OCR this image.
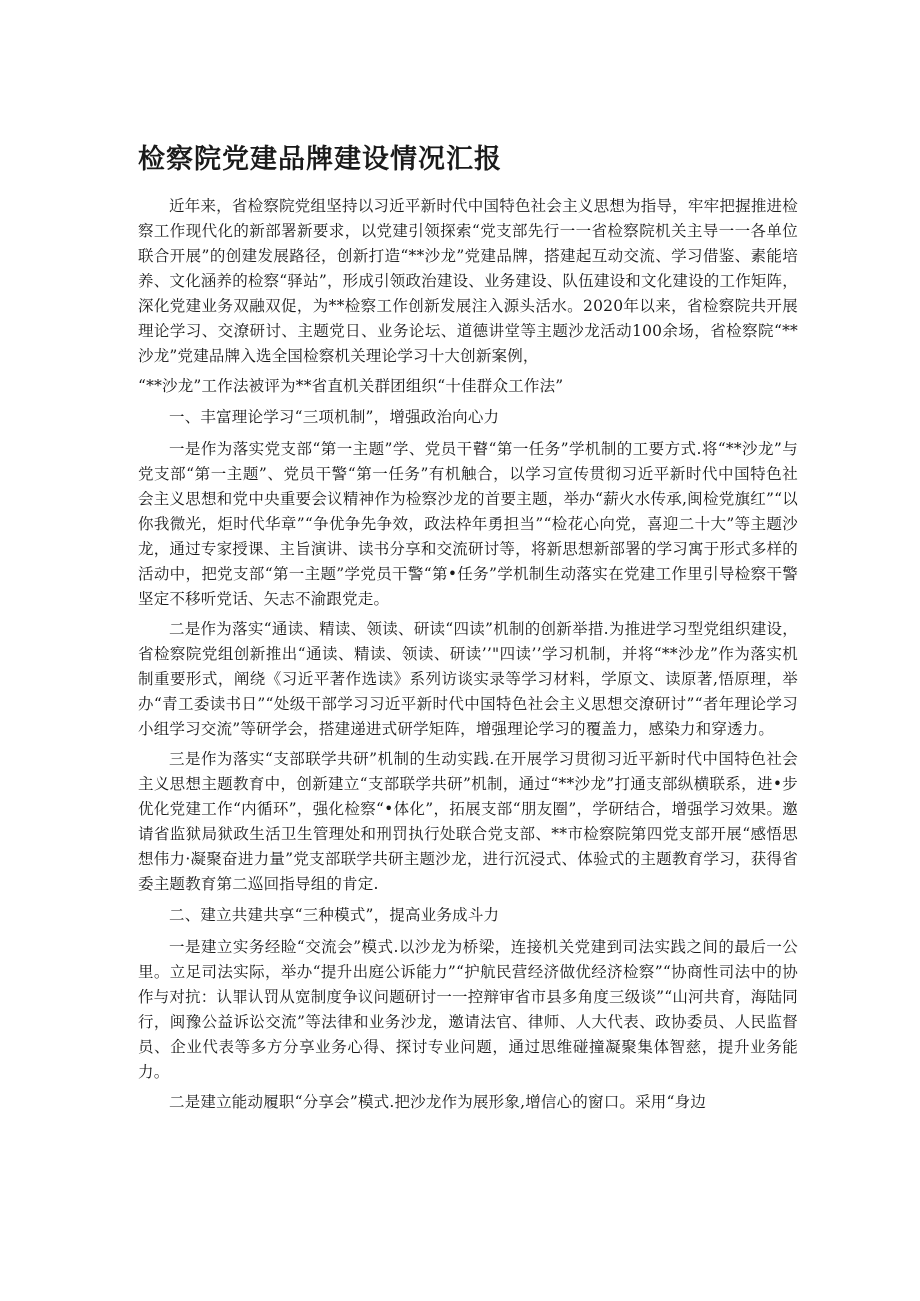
检察院党建品牌建设情况汇报

近年来，省检察院党组坚持以习近平新时代中国特色社会主义思想为指导，牢牢把握推进检察工作现代化的新部署新要求，以党建引领探索“党支部先行一一省检察院机关主导一一各单位联合开展”的创建发展路径，创新打造“**沙龙”党建品牌，搭建起互动交流、学习借鉴、素能培养、文化涵养的检察“驿站”，形成引领政治建设、业务建设、队伍建设和文化建设的工作矩阵，深化党建业务双融双促，为**检察工作创新发展注入源头活水。2020年以来，省检察院共开展理论学习、交潦研讨、主题党日、业务论坛、道德讲堂等主题沙龙活动100余场，省检察院“**沙龙”党建品牌入选全国检察机关理论学习十大创新案例，

“**沙龙”工作法被评为**省直机关群团组织“十佳群众工作法”

一、丰富理论学习“三项机制”，增强政治向心力

一是作为落实党支部“第一主题”学、党员干瞽“第一任务”学机制的工要方式.将“**沙龙”与党支部“第一主题”、党员干警“第一任务”有机触合，以学习宣传贯彻习近平新时代中国特色社会主义思想和党中央重要会议精神作为检察沙龙的首要主题，举办“薪火水传承,闽检党旗红”“以你我微光，炬时代华章”“争优争先争效，政法枠年勇担当”“检花心向党，喜迎二十大”等主题沙龙，通过专家授课、主旨演讲、读书分享和交流研讨等，将新思想新部署的学习寓于形式多样的活动中，把党支部“第一主题”学党员干警“第•任务”学机制生动落实在党建工作里引导检察干警坚定不移听党话、矢志不渝跟党走。

二是作为落实“通读、精读、领读、研读“四读”机制的创新举措.为推进学习型党组织建设，省检察院党组创新推出“通读、精读、领读、研读’’"四读’’学习机制，并将“**沙龙”作为落实机制重要形式，阐绕《习近平著作选读》系列访谈实录等学习材料，学原文、读原著,悟原理，举办“青工委读书日”“处级干部学习习近平新时代中国特色社会主义思想交潦研讨”“者年理论学习小组学习交流”等研学会，搭建递进式研学矩阵，增强理论学习的覆盖力，感染力和穿透力。

三是作为落实“支部联学共研”机制的生动实践.在开展学习贯彻习近平新时代中国特色社会主义思想主题教育中，创新建立“支部联学共研”机制，通过“**沙龙”打通支部纵横联系，进•步优化党建工作“内循环”，强化检察“•体化”，拓展支部“朋友圈”，学研结合，增强学习效果。邀请省监狱局狱政生活卫生管理处和刑罚执行处联合党支部、**市检察院第四党支部开展“感悟思想伟力·凝聚奋进力量”党支部联学共研主题沙龙，进行沉浸式、体验式的主题教育学习，获得省委主题教育第二巡回指导组的肯定.

二、建立共建共享“三种模式”，提高业务成斗力

一是建立实务经睑“交流会”模式.以沙龙为桥梁，连接机关党建到司法实践之间的最后一公里。立足司法实际，举办“提升出庭公诉能力”“护航民营经济做优经济检察”“协商性司法中的协作与对抗：认罪认罚从宽制度争议问题研讨一一控辩审省市县多角度三级谈”“山河共育，海陆同行，闽豫公益诉讼交流”等法律和业务沙龙，邀请法官、律师、人大代表、政协委员、人民监督员、企业代表等多方分享业务心得、探讨专业问题，通过思维碰撞凝聚集体智慈，提升业务能力。

二是建立能动履职“分享会”模式.把沙龙作为展形象,增信心的窗口。采用“身边
